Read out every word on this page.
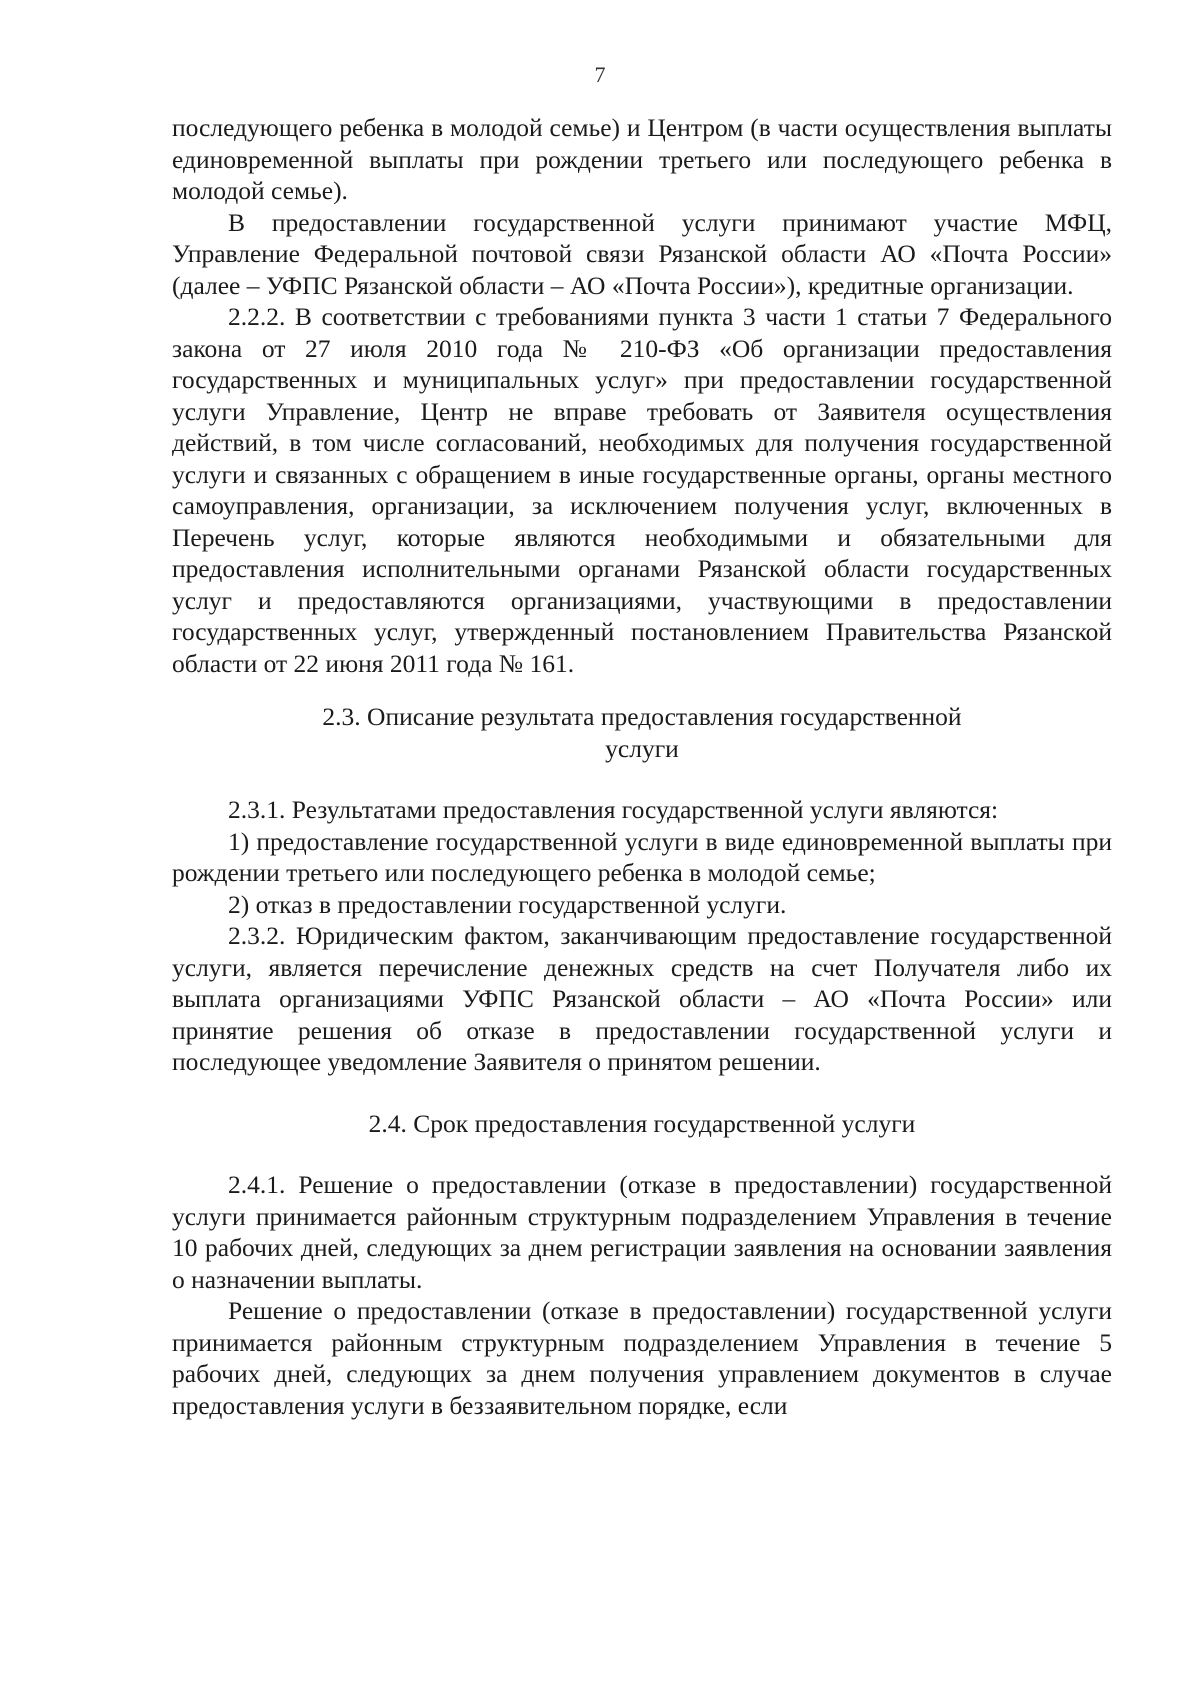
7

последующего ребенка в молодой семье) и Центром (в части осуществления выплаты единовременной выплаты при рождении третьего или последующего ребенка в молодой семье).

В предоставлении государственной услуги принимают участие МФЦ, Управление Федеральной почтовой связи Рязанской области АО «Почта России» (далее – УФПС Рязанской области – АО «Почта России»), кредитные организации.

2.2.2. В соответствии с требованиями пункта 3 части 1 статьи 7 Федерального закона от 27 июля 2010 года № 210-ФЗ «Об организации предоставления государственных и муниципальных услуг» при предоставлении государственной услуги Управление, Центр не вправе требовать от Заявителя осуществления действий, в том числе согласований, необходимых для получения государственной услуги и связанных с обращением в иные государственные органы, органы местного самоуправления, организации, за исключением получения услуг, включенных в Перечень услуг, которые являются необходимыми и обязательными для предоставления исполнительными органами Рязанской области государственных услуг и предоставляются организациями, участвующими в предоставлении государственных услуг, утвержденный постановлением Правительства Рязанской области от 22 июня 2011 года № 161.

2.3. Описание результата предоставления государственной
услуги

2.3.1. Результатами предоставления государственной услуги являются:

1) предоставление государственной услуги в виде единовременной выплаты при рождении третьего или последующего ребенка в молодой семье;

2) отказ в предоставлении государственной услуги.

2.3.2. Юридическим фактом, заканчивающим предоставление государственной услуги, является перечисление денежных средств на счет Получателя либо их выплата организациями УФПС Рязанской области – АО «Почта России» или принятие решения об отказе в предоставлении государственной услуги и последующее уведомление Заявителя о принятом решении.

2.4. Срок предоставления государственной услуги

2.4.1. Решение о предоставлении (отказе в предоставлении) государственной услуги принимается районным структурным подразделением Управления в течение 10 рабочих дней, следующих за днем регистрации заявления на основании заявления о назначении выплаты.

Решение о предоставлении (отказе в предоставлении) государственной услуги принимается районным структурным подразделением Управления в течение 5 рабочих дней, следующих за днем получения управлением документов в случае предоставления услуги в беззаявительном порядке, если
